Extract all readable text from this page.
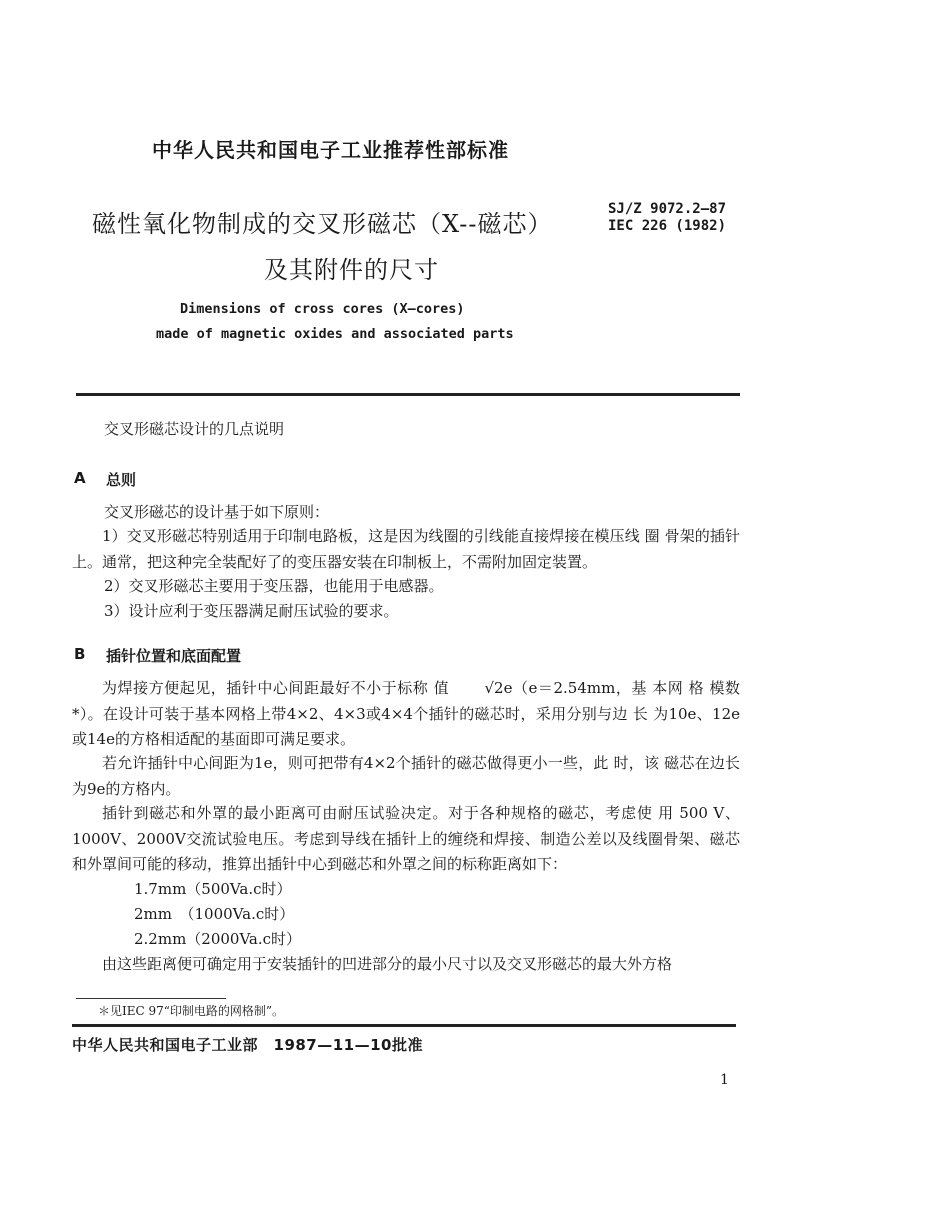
中华人民共和国电子工业推荐性部标准
磁性氧化物制成的交叉形磁芯（X--磁芯）
及其附件的尺寸
SJ/Z 9072.2—87
IEC 226 (1982)
Dimensions of cross cores (X—cores)
made of magnetic oxides and associated parts
交叉形磁芯设计的几点说明
A 总则
交叉形磁芯的设计基于如下原则：
1）交叉形磁芯特别适用于印制电路板，这是因为线圈的引线能直接焊接在模压线 圈 骨架的插针上。通常，把这种完全装配好了的变压器安装在印制板上，不需附加固定装置。
2）交叉形磁芯主要用于变压器，也能用于电感器。
3）设计应利于变压器满足耐压试验的要求。
B 插针位置和底面配置
为焊接方便起见，插针中心间距最好不小于标称 值 √2e（e＝2.54mm，基 本网 格 模数*）。在设计可装于基本网格上带4×2、4×3或4×4个插针的磁芯时，采用分别与边 长 为10e、12e或14e的方格相适配的基面即可满足要求。
若允许插针中心间距为1e，则可把带有4×2个插针的磁芯做得更小一些，此 时，该 磁芯在边长为9e的方格内。
插针到磁芯和外罩的最小距离可由耐压试验决定。对于各种规格的磁芯，考虑使 用 500 V、1000V、2000V交流试验电压。考虑到导线在插针上的缠绕和焊接、制造公差以及线圈骨架、磁芯和外罩间可能的移动，推算出插针中心到磁芯和外罩之间的标称距离如下：
1.7mm（500Va.c时）
2mm　（1000Va.c时）
2.2mm（2000Va.c时）
由这些距离便可确定用于安装插针的凹进部分的最小尺寸以及交叉形磁芯的最大外方格
＊见IEC 97“印制电路的网格制”。
中华人民共和国电子工业部　1987—11—10批准
1
